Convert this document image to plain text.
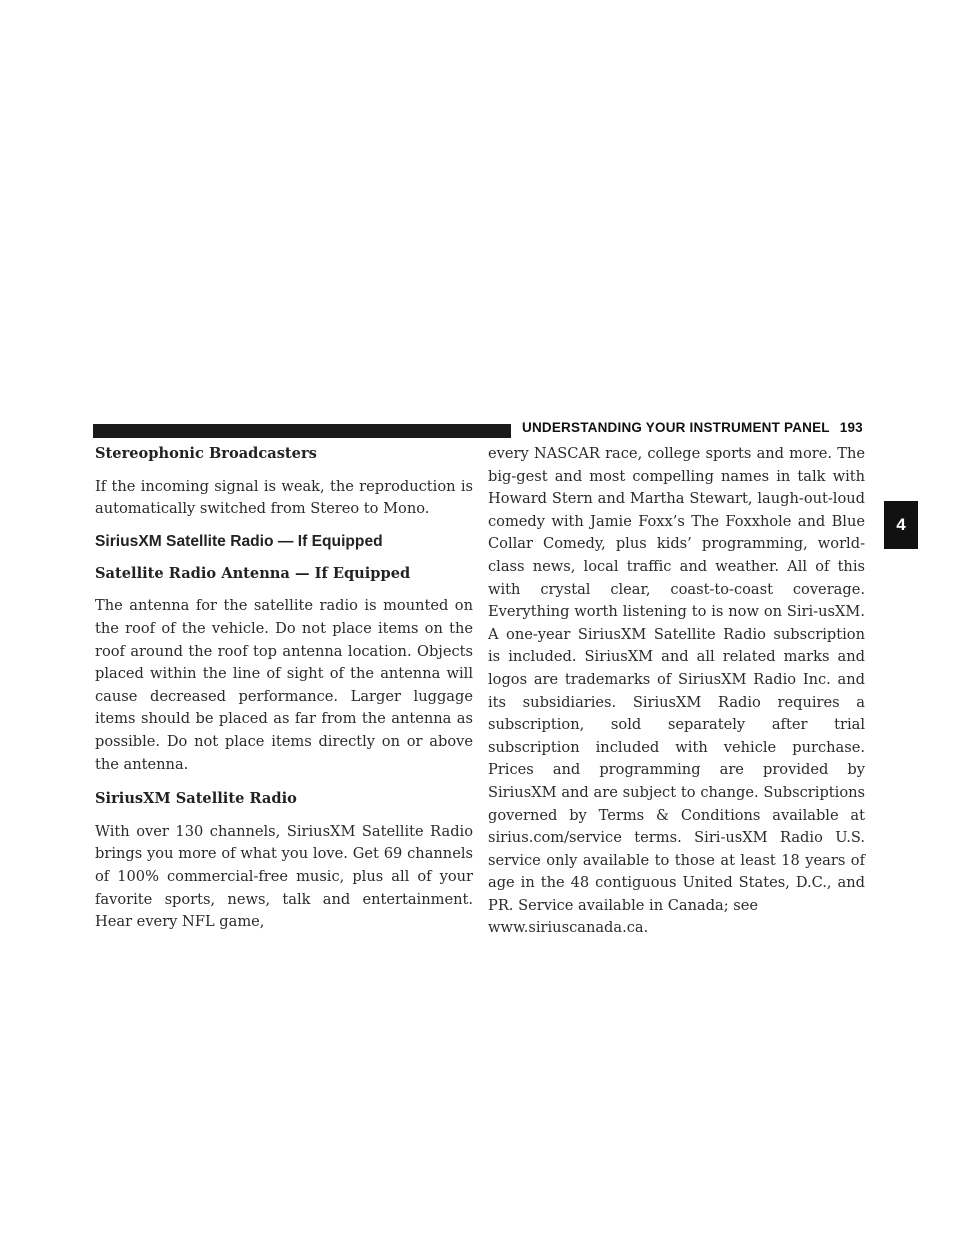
UNDERSTANDING YOUR INSTRUMENT PANEL 193
4

Stereophonic Broadcasters

If the incoming signal is weak, the reproduction is automatically switched from Stereo to Mono.

SiriusXM Satellite Radio — If Equipped

Satellite Radio Antenna — If Equipped

The antenna for the satellite radio is mounted on the roof of the vehicle. Do not place items on the roof around the roof top antenna location. Objects placed within the line of sight of the antenna will cause decreased performance. Larger luggage items should be placed as far from the antenna as possible. Do not place items directly on or above the antenna.

SiriusXM Satellite Radio

With over 130 channels, SiriusXM Satellite Radio brings you more of what you love. Get 69 channels of 100% commercial-free music, plus all of your favorite sports, news, talk and entertainment. Hear every NFL game,

every NASCAR race, college sports and more. The big-gest and most compelling names in talk with Howard Stern and Martha Stewart, laugh-out-loud comedy with Jamie Foxx’s The Foxxhole and Blue Collar Comedy, plus kids’ programming, world-class news, local traffic and weather. All of this with crystal clear, coast-to-coast coverage. Everything worth listening to is now on Siri-usXM. A one-year SiriusXM Satellite Radio subscription is included. SiriusXM and all related marks and logos are trademarks of SiriusXM Radio Inc. and its subsidiaries. SiriusXM Radio requires a subscription, sold separately after trial subscription included with vehicle purchase. Prices and programming are provided by SiriusXM and are subject to change. Subscriptions governed by Terms & Conditions available at sirius.com/service terms. Siri-usXM Radio U.S. service only available to those at least 18 years of age in the 48 contiguous United States, D.C., and PR. Service available in Canada; see

www.siriuscanada.ca.
